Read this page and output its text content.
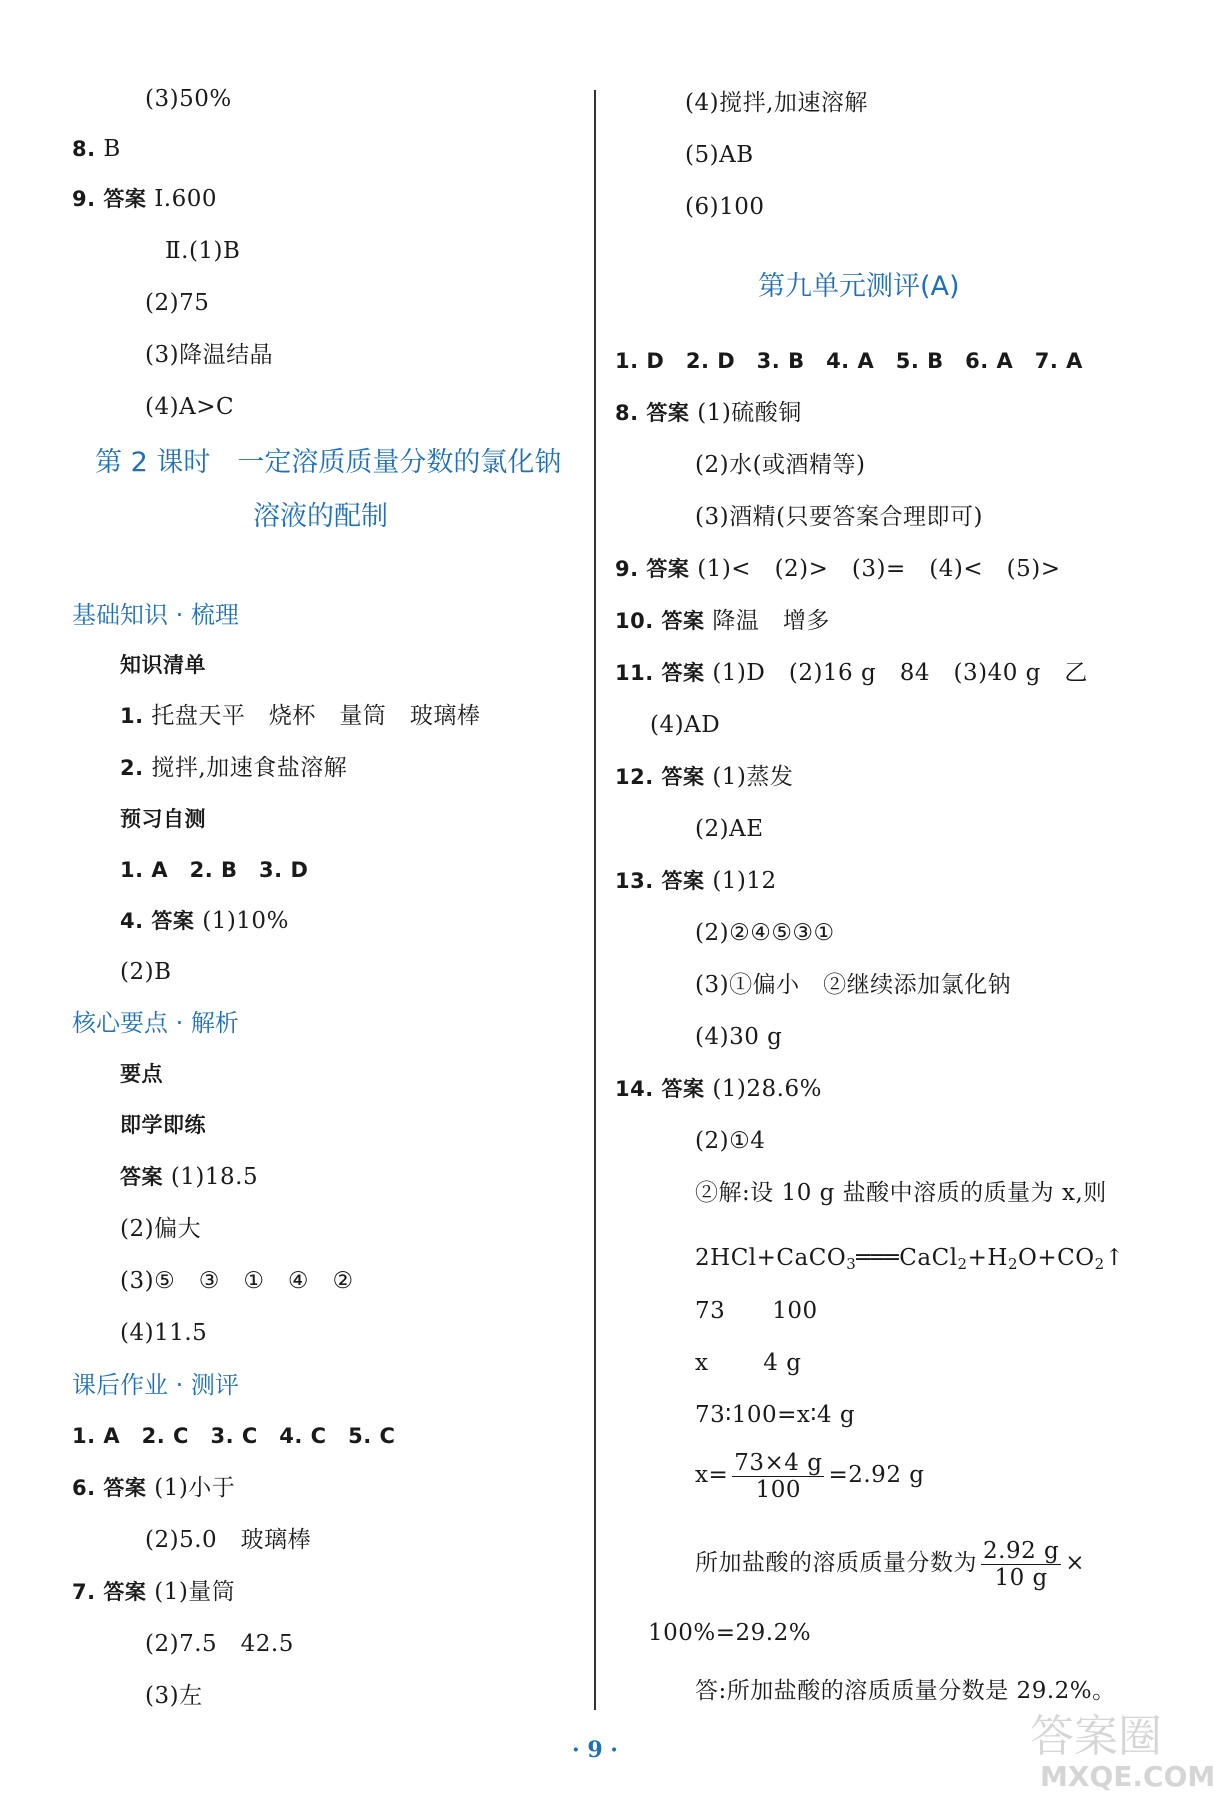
(3)50%
8. B
9. 答案 Ⅰ.600
Ⅱ.(1)B
(2)75
(3)降温结晶
(4)A>C
第 2 课时　一定溶质质量分数的氯化钠
溶液的配制
基础知识 · 梳理
知识清单
1. 托盘天平　烧杯　量筒　玻璃棒
2. 搅拌,加速食盐溶解
预习自测
1. A　2. B　3. D
4. 答案 (1)10%
(2)B
核心要点 · 解析
要点
即学即练
答案 (1)18.5
(2)偏大
(3)⑤　③　①　④　②
(4)11.5
课后作业 · 测评
1. A　2. C　3. C　4. C　5. C
6. 答案 (1)小于
(2)5.0　玻璃棒
7. 答案 (1)量筒
(2)7.5　42.5
(3)左
(4)搅拌,加速溶解
(5)AB
(6)100
第九单元测评(A)
1. D　2. D　3. B　4. A　5. B　6. A　7. A
8. 答案 (1)硫酸铜
(2)水(或酒精等)
(3)酒精(只要答案合理即可)
9. 答案 (1)<　(2)>　(3)=　(4)<　(5)>
10. 答案 降温　增多
11. 答案 (1)D　(2)16 g　84　(3)40 g　乙
(4)AD
12. 答案 (1)蒸发
(2)AE
13. 答案 (1)12
(2)②④⑤③①
(3)①偏小　②继续添加氯化钠
(4)30 g
14. 答案 (1)28.6%
(2)①4
②解:设 10 g 盐酸中溶质的质量为 x,则
$2HCl+CaCO_3═══CaCl_2+H_2O+CO_2↑$
73　　100
x　　 4 g
73∶100=x∶4 g
$x= \frac{73\times 4 g}{100} =2.92$ g
所加盐酸的溶质质量分数为 $\frac{2.92 g}{10 g}$ ×
100%=29.2%
答:所加盐酸的溶质质量分数是 29.2%。
· 9 ·	答案圈
MXQE.COM
